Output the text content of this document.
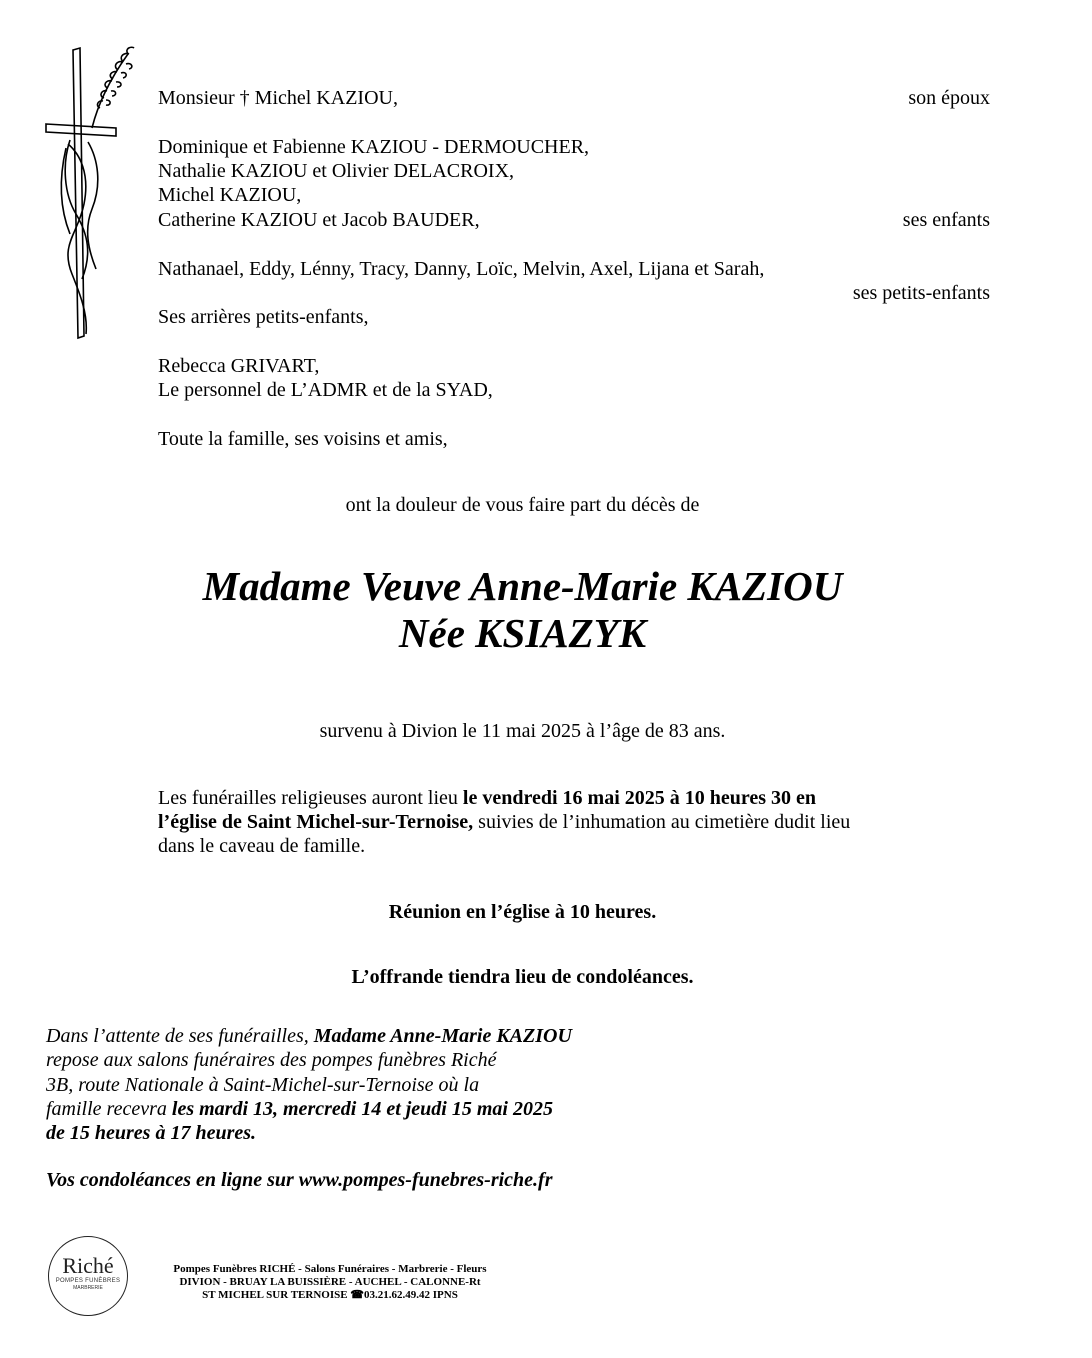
Monsieur † Michel KAZIOU,	son époux
Dominique et Fabienne KAZIOU - DERMOUCHER,
Nathalie KAZIOU et Olivier DELACROIX,
Michel KAZIOU,
Catherine KAZIOU et Jacob BAUDER,	ses enfants
Nathanael, Eddy, Lénny, Tracy, Danny, Loïc, Melvin, Axel, Lijana et Sarah,
ses petits-enfants
Ses arrières petits-enfants,
Rebecca GRIVART,
Le personnel de L’ADMR et de la SYAD,
Toute la famille, ses voisins et amis,
ont la douleur de vous faire part du décès de
Madame Veuve Anne-Marie KAZIOU
Née KSIAZYK
survenu à Divion le 11 mai 2025 à l’âge de 83 ans.
Les funérailles religieuses auront lieu le vendredi 16 mai 2025 à 10 heures 30 en
l’église de Saint Michel-sur-Ternoise, suivies de l’inhumation au cimetière dudit lieu
dans le caveau de famille.
Réunion en l’église à 10 heures.
L’offrande tiendra lieu de condoléances.
Dans l’attente de ses funérailles, Madame Anne-Marie KAZIOU
repose aux salons funéraires des pompes funèbres Riché
3B, route Nationale à Saint-Michel-sur-Ternoise où la
famille recevra les mardi 13, mercredi 14 et jeudi 15 mai 2025
de 15 heures à 17 heures.
Vos condoléances en ligne sur www.pompes-funebres-riche.fr
Riché
POMPES FUNÈBRES
MARBRERIE
Pompes Funèbres RICHÉ - Salons Funéraires - Marbrerie - Fleurs
DIVION - BRUAY LA BUISSIÈRE - AUCHEL - CALONNE-Rt
ST MICHEL SUR TERNOISE ☎03.21.62.49.42 IPNS
